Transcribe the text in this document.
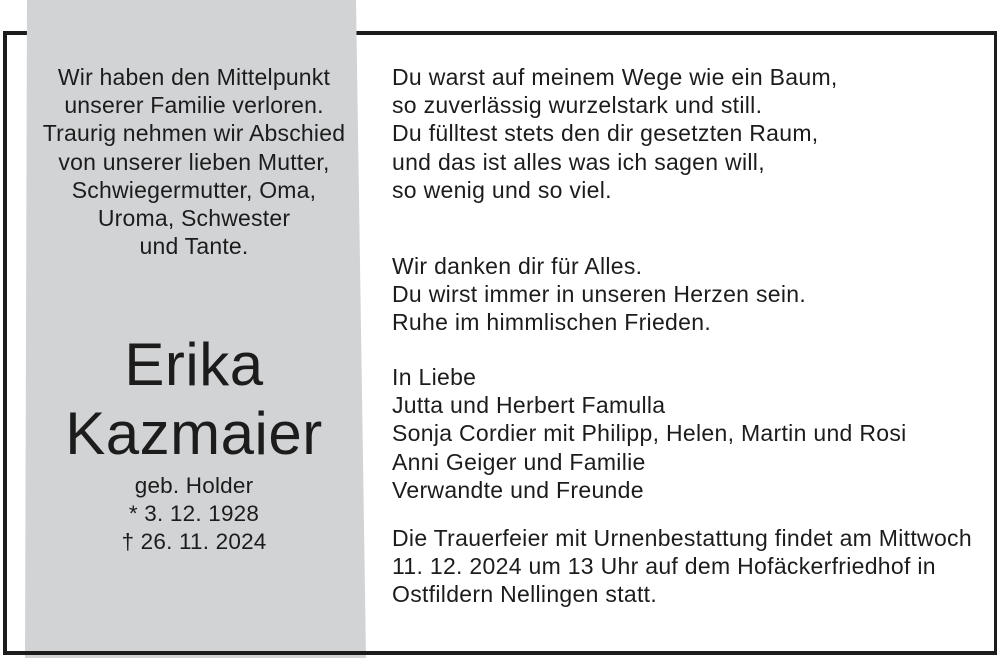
Wir haben den Mittelpunkt
unserer Familie verloren.
Traurig nehmen wir Abschied
von unserer lieben Mutter,
Schwiegermutter, Oma,
Uroma, Schwester
und Tante.
Erika
Kazmaier
geb. Holder
* 3. 12. 1928
† 26. 11. 2024
Du warst auf meinem Wege wie ein Baum,
so zuverlässig wurzelstark und still.
Du fülltest stets den dir gesetzten Raum,
und das ist alles was ich sagen will,
so wenig und so viel.
Wir danken dir für Alles.
Du wirst immer in unseren Herzen sein.
Ruhe im himmlischen Frieden.
In Liebe
Jutta und Herbert Famulla
Sonja Cordier mit Philipp, Helen, Martin und Rosi
Anni Geiger und Familie
Verwandte und Freunde
Die Trauerfeier mit Urnenbestattung findet am Mittwoch
11. 12. 2024 um 13 Uhr auf dem Hofäckerfriedhof in
Ostfildern Nellingen statt.
